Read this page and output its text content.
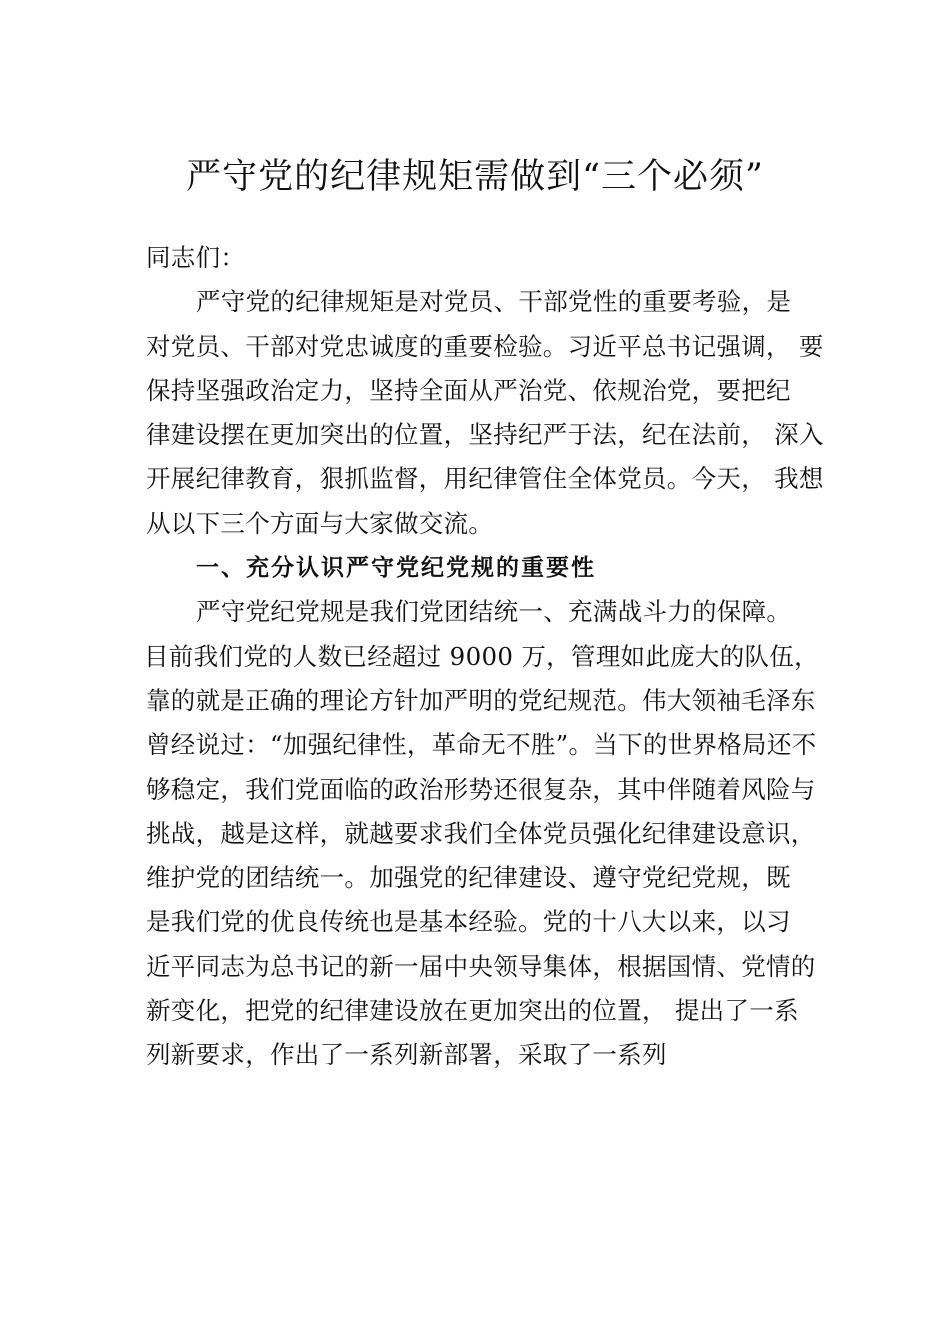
严守党的纪律规矩需做到“三个必须”
同志们：
严守党的纪律规矩是对党员、干部党性的重要考验，是
对党员、干部对党忠诚度的重要检验。习近平总书记强调， 要
保持坚强政治定力，坚持全面从严治党、依规治党，要把纪
律建设摆在更加突出的位置，坚持纪严于法，纪在法前， 深入
开展纪律教育，狠抓监督，用纪律管住全体党员。今天， 我想
从以下三个方面与大家做交流。
一、充分认识严守党纪党规的重要性
严守党纪党规是我们党团结统一、充满战斗力的保障。
目前我们党的人数已经超过 9000 万，管理如此庞大的队伍，
靠的就是正确的理论方针加严明的党纪规范。伟大领袖毛泽东
曾经说过：“加强纪律性，革命无不胜”。当下的世界格局还不
够稳定，我们党面临的政治形势还很复杂，其中伴随着风险与
挑战，越是这样，就越要求我们全体党员强化纪律建设意识，
维护党的团结统一。加强党的纪律建设、遵守党纪党规，既
是我们党的优良传统也是基本经验。党的十八大以来，以习
近平同志为总书记的新一届中央领导集体，根据国情、党情的
新变化，把党的纪律建设放在更加突出的位置， 提出了一系
列新要求，作出了一系列新部署，采取了一系列
